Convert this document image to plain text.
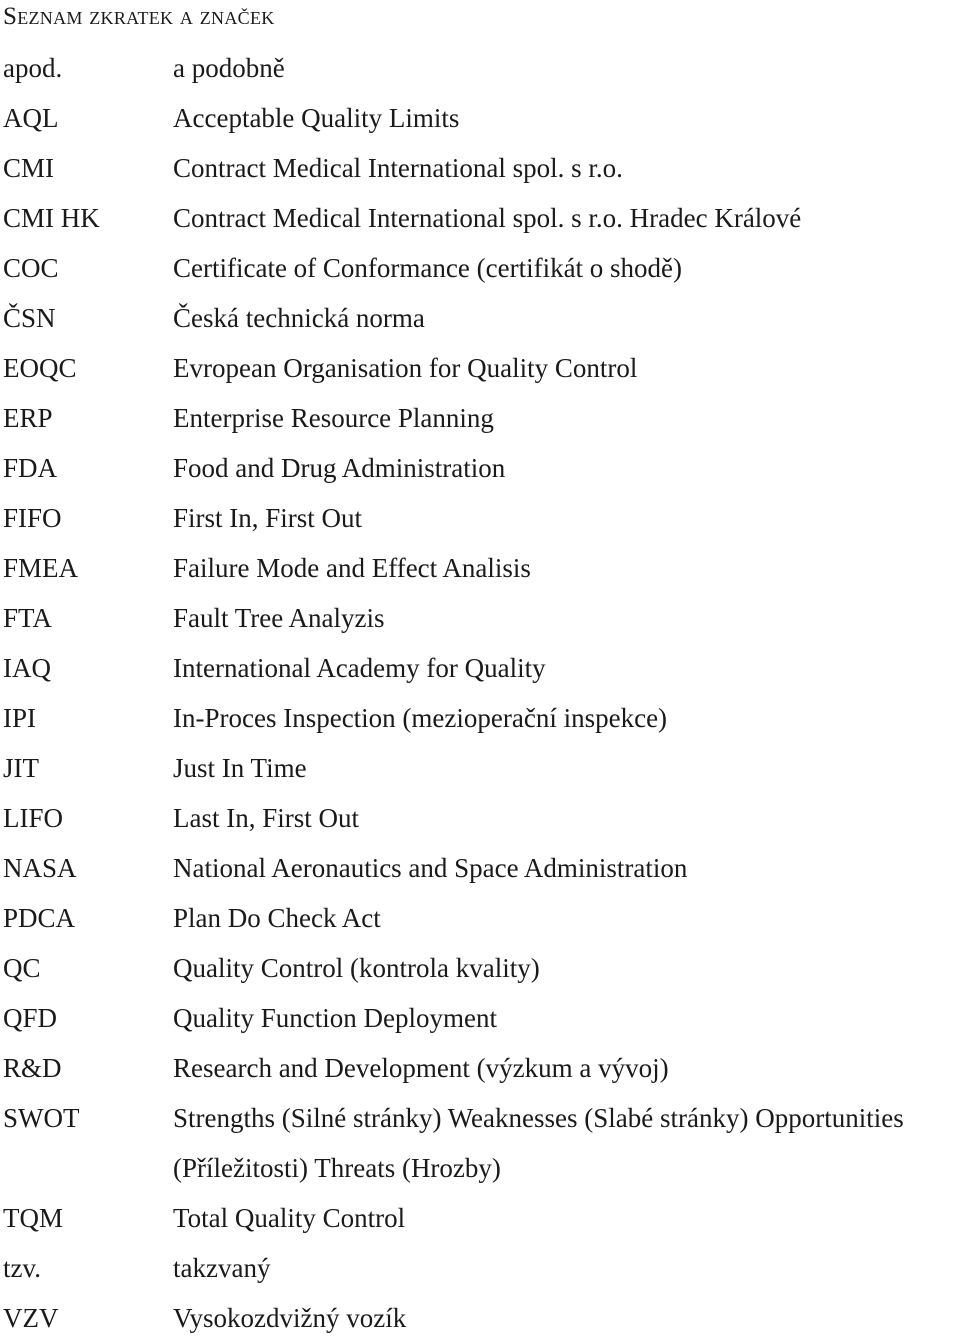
Seznam zkratek a značek
apod.	a podobně
AQL	Acceptable Quality Limits
CMI	Contract Medical International spol. s r.o.
CMI HK	Contract Medical International spol. s r.o. Hradec Králové
COC	Certificate of Conformance (certifikát o shodě)
ČSN	Česká technická norma
EOQC	Evropean Organisation for Quality Control
ERP	Enterprise Resource Planning
FDA	Food and Drug Administration
FIFO	First In, First Out
FMEA	Failure Mode and Effect Analisis
FTA	Fault Tree Analyzis
IAQ	International Academy for Quality
IPI	In-Proces Inspection (mezioperační inspekce)
JIT	Just In Time
LIFO	Last In, First Out
NASA	National Aeronautics and Space Administration
PDCA	Plan Do Check Act
QC	Quality Control (kontrola kvality)
QFD	Quality Function Deployment
R&D	Research and Development (výzkum a vývoj)
SWOT	Strengths (Silné stránky) Weaknesses (Slabé stránky) Opportunities
(Příležitosti) Threats (Hrozby)
TQM	Total Quality Control
tzv.	takzvaný
VZV	Vysokozdvižný vozík
